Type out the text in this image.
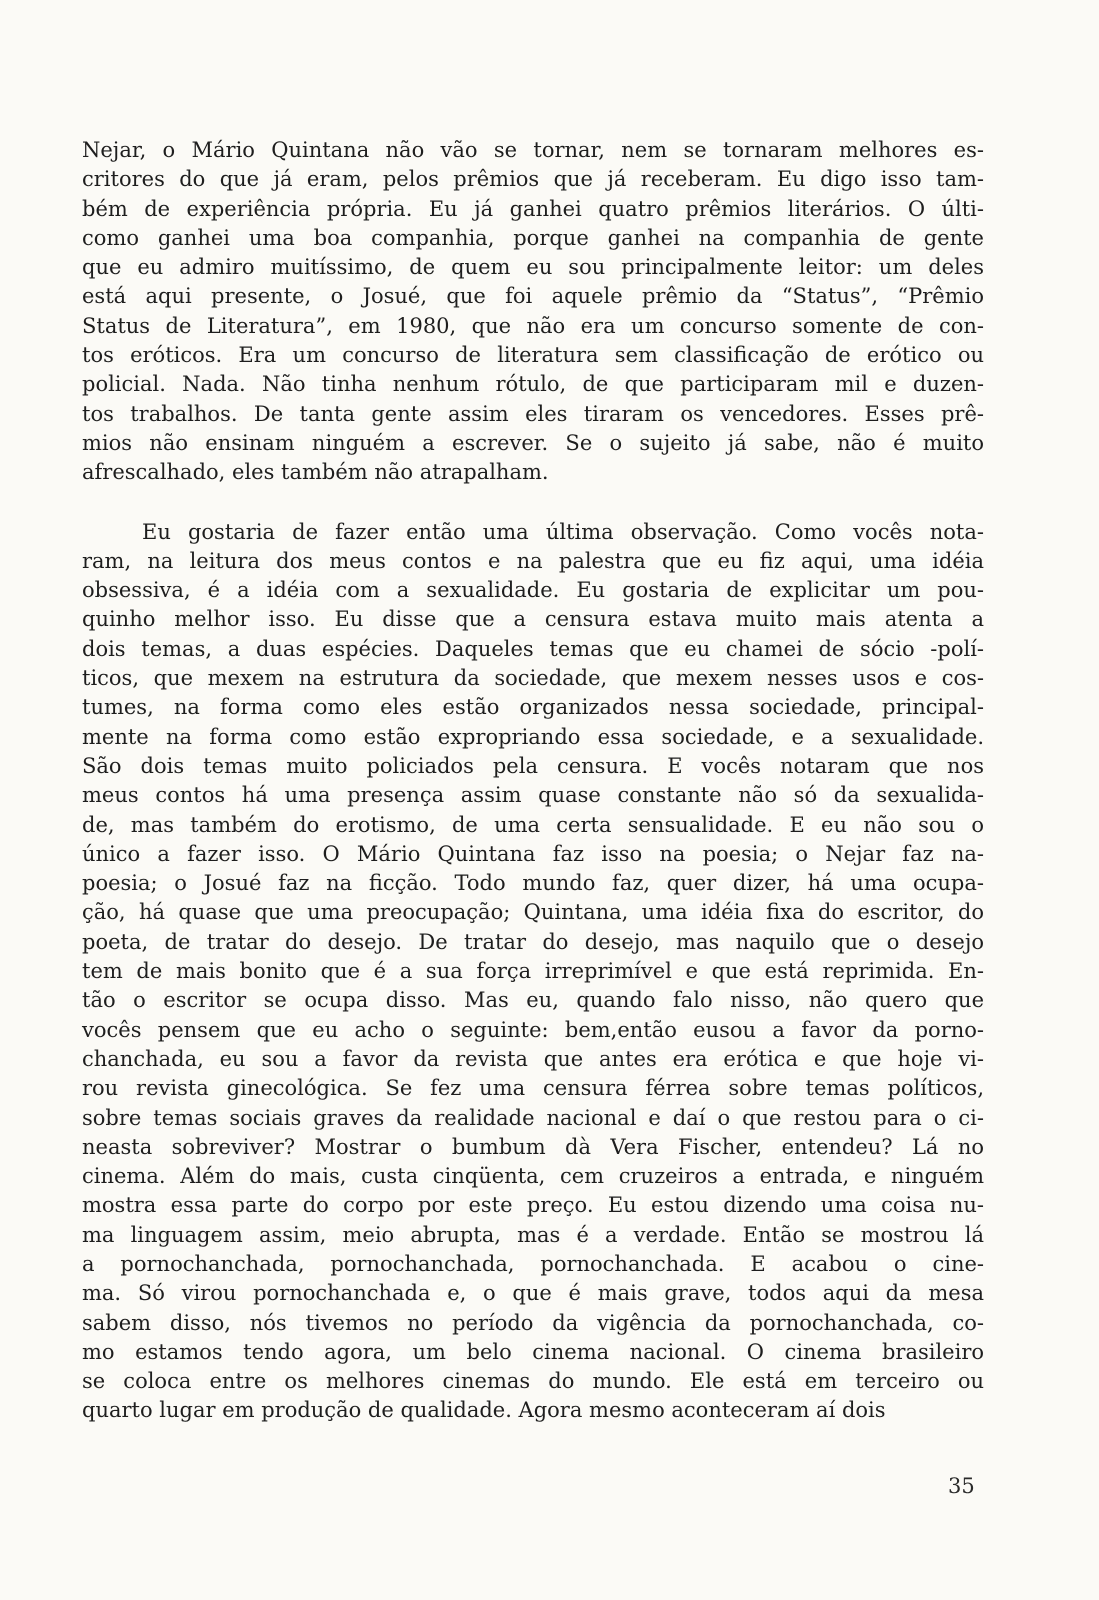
Nejar, o Mário Quintana não vão se tornar, nem se tornaram melhores es-
critores do que já eram, pelos prêmios que já receberam. Eu digo isso tam-
bém de experiência própria. Eu já ganhei quatro prêmios literários. O últi-
como ganhei uma boa companhia, porque ganhei na companhia de gente
que eu admiro muitíssimo, de quem eu sou principalmente leitor: um deles
está aqui presente, o Josué, que foi aquele prêmio da “Status”, “Prêmio
Status de Literatura”, em 1980, que não era um concurso somente de con-
tos eróticos. Era um concurso de literatura sem classificação de erótico ou
policial. Nada. Não tinha nenhum rótulo, de que participaram mil e duzen-
tos trabalhos. De tanta gente assim eles tiraram os vencedores. Esses prê-
mios não ensinam ninguém a escrever. Se o sujeito já sabe, não é muito
afrescalhado, eles também não atrapalham.
Eu gostaria de fazer então uma última observação. Como vocês nota-
ram, na leitura dos meus contos e na palestra que eu fiz aqui, uma idéia
obsessiva, é a idéia com a sexualidade. Eu gostaria de explicitar um pou-
quinho melhor isso. Eu disse que a censura estava muito mais atenta a
dois temas, a duas espécies. Daqueles temas que eu chamei de sócio -polí-
ticos, que mexem na estrutura da sociedade, que mexem nesses usos e cos-
tumes, na forma como eles estão organizados nessa sociedade, principal-
mente na forma como estão expropriando essa sociedade, e a sexualidade.
São dois temas muito policiados pela censura. E vocês notaram que nos
meus contos há uma presença assim quase constante não só da sexualida-
de, mas também do erotismo, de uma certa sensualidade. E eu não sou o
único a fazer isso. O Mário Quintana faz isso na poesia; o Nejar faz na-
poesia; o Josué faz na ficção. Todo mundo faz, quer dizer, há uma ocupa-
ção, há quase que uma preocupação; Quintana, uma idéia fixa do escritor, do
poeta, de tratar do desejo. De tratar do desejo, mas naquilo que o desejo
tem de mais bonito que é a sua força irreprimível e que está reprimida. En-
tão o escritor se ocupa disso. Mas eu, quando falo nisso, não quero que
vocês pensem que eu acho o seguinte: bem,então eusou a favor da porno-
chanchada, eu sou a favor da revista que antes era erótica e que hoje vi-
rou revista ginecológica. Se fez uma censura férrea sobre temas políticos,
sobre temas sociais graves da realidade nacional e daí o que restou para o ci-
neasta sobreviver? Mostrar o bumbum dà Vera Fischer, entendeu? Lá no
cinema. Além do mais, custa cinqüenta, cem cruzeiros a entrada, e ninguém
mostra essa parte do corpo por este preço. Eu estou dizendo uma coisa nu-
ma linguagem assim, meio abrupta, mas é a verdade. Então se mostrou lá
a pornochanchada, pornochanchada, pornochanchada. E acabou o cine-
ma. Só virou pornochanchada e, o que é mais grave, todos aqui da mesa
sabem disso, nós tivemos no período da vigência da pornochanchada, co-
mo estamos tendo agora, um belo cinema nacional. O cinema brasileiro
se coloca entre os melhores cinemas do mundo. Ele está em terceiro ou
quarto lugar em produção de qualidade. Agora mesmo aconteceram aí dois
35
